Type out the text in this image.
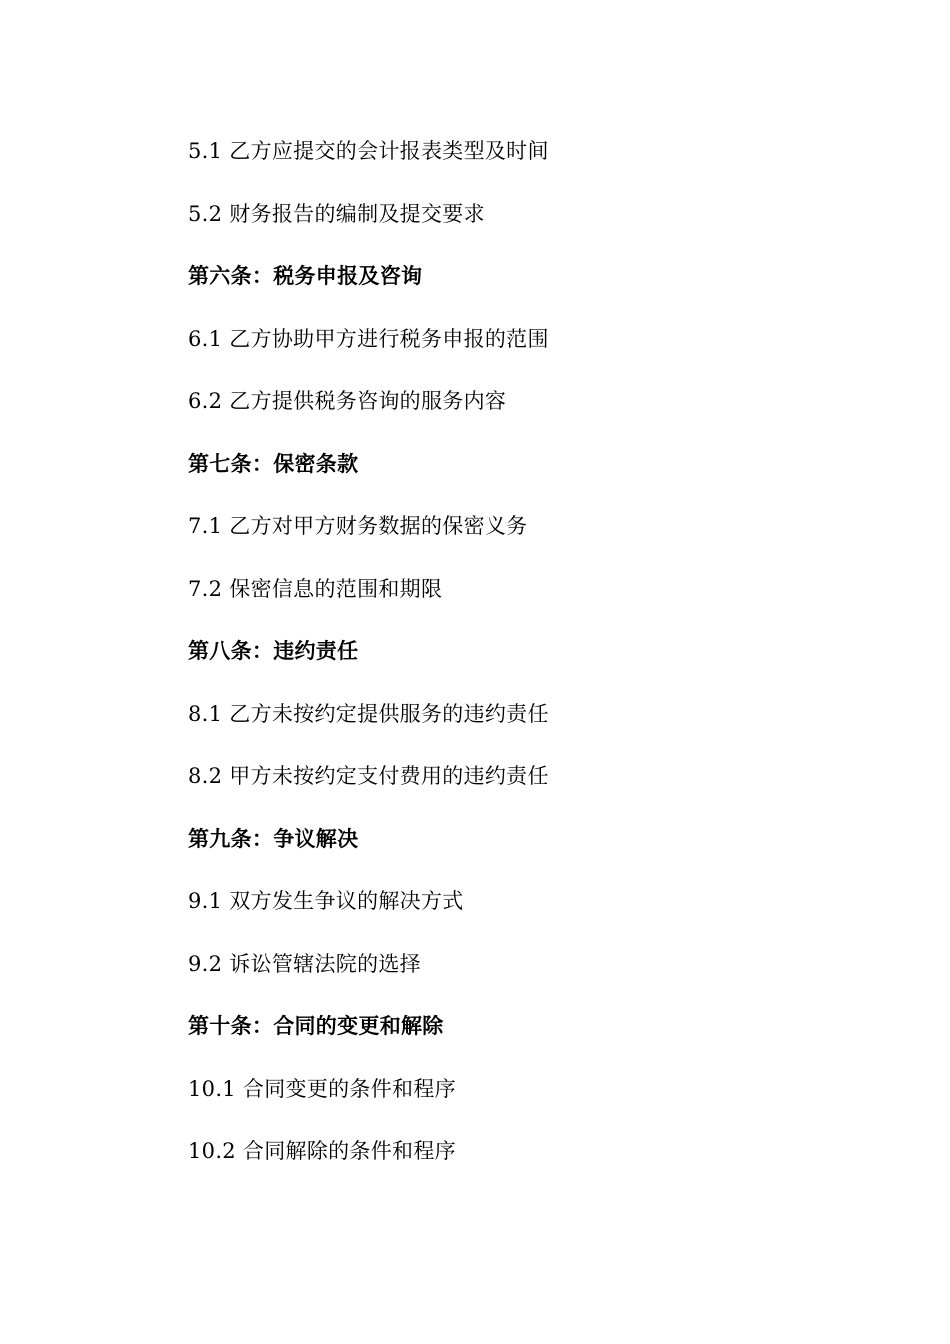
5.1 乙方应提交的会计报表类型及时间
5.2 财务报告的编制及提交要求
第六条：税务申报及咨询
6.1 乙方协助甲方进行税务申报的范围
6.2 乙方提供税务咨询的服务内容
第七条：保密条款
7.1 乙方对甲方财务数据的保密义务
7.2 保密信息的范围和期限
第八条：违约责任
8.1 乙方未按约定提供服务的违约责任
8.2 甲方未按约定支付费用的违约责任
第九条：争议解决
9.1 双方发生争议的解决方式
9.2 诉讼管辖法院的选择
第十条：合同的变更和解除
10.1 合同变更的条件和程序
10.2 合同解除的条件和程序
